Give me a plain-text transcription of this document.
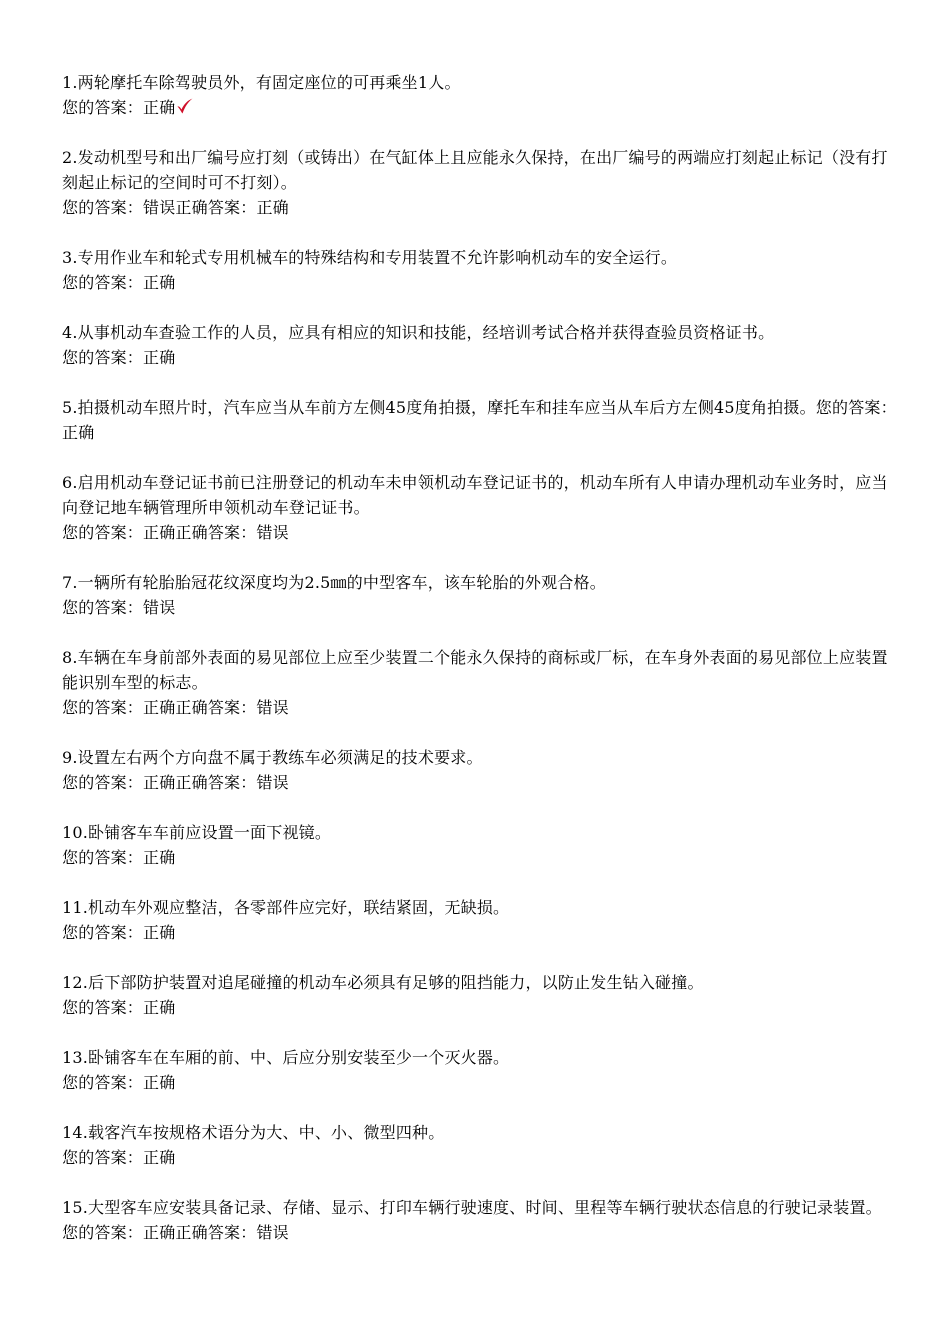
1.两轮摩托车除驾驶员外，有固定座位的可再乘坐1人。

您的答案：正确

2.发动机型号和出厂编号应打刻（或铸出）在气缸体上且应能永久保持，在出厂编号的两端应打刻起止标记（没有打刻起止标记的空间时可不打刻）。

您的答案：错误正确答案：正确

3.专用作业车和轮式专用机械车的特殊结构和专用装置不允许影响机动车的安全运行。

您的答案：正确

4.从事机动车查验工作的人员，应具有相应的知识和技能，经培训考试合格并获得查验员资格证书。

您的答案：正确

5.拍摄机动车照片时，汽车应当从车前方左侧45度角拍摄，摩托车和挂车应当从车后方左侧45度角拍摄。您的答案：正确

6.启用机动车登记证书前已注册登记的机动车未申领机动车登记证书的，机动车所有人申请办理机动车业务时，应当向登记地车辆管理所申领机动车登记证书。

您的答案：正确正确答案：错误

7.一辆所有轮胎胎冠花纹深度均为2.5㎜的中型客车，该车轮胎的外观合格。

您的答案：错误

8.车辆在车身前部外表面的易见部位上应至少装置二个能永久保持的商标或厂标，在车身外表面的易见部位上应装置能识别车型的标志。

您的答案：正确正确答案：错误

9.设置左右两个方向盘不属于教练车必须满足的技术要求。

您的答案：正确正确答案：错误

10.卧铺客车车前应设置一面下视镜。

您的答案：正确

11.机动车外观应整洁，各零部件应完好，联结紧固，无缺损。

您的答案：正确

12.后下部防护装置对追尾碰撞的机动车必须具有足够的阻挡能力，以防止发生钻入碰撞。

您的答案：正确

13.卧铺客车在车厢的前、中、后应分别安装至少一个灭火器。

您的答案：正确

14.载客汽车按规格术语分为大、中、小、微型四种。

您的答案：正确

15.大型客车应安装具备记录、存储、显示、打印车辆行驶速度、时间、里程等车辆行驶状态信息的行驶记录装置。

您的答案：正确正确答案：错误
